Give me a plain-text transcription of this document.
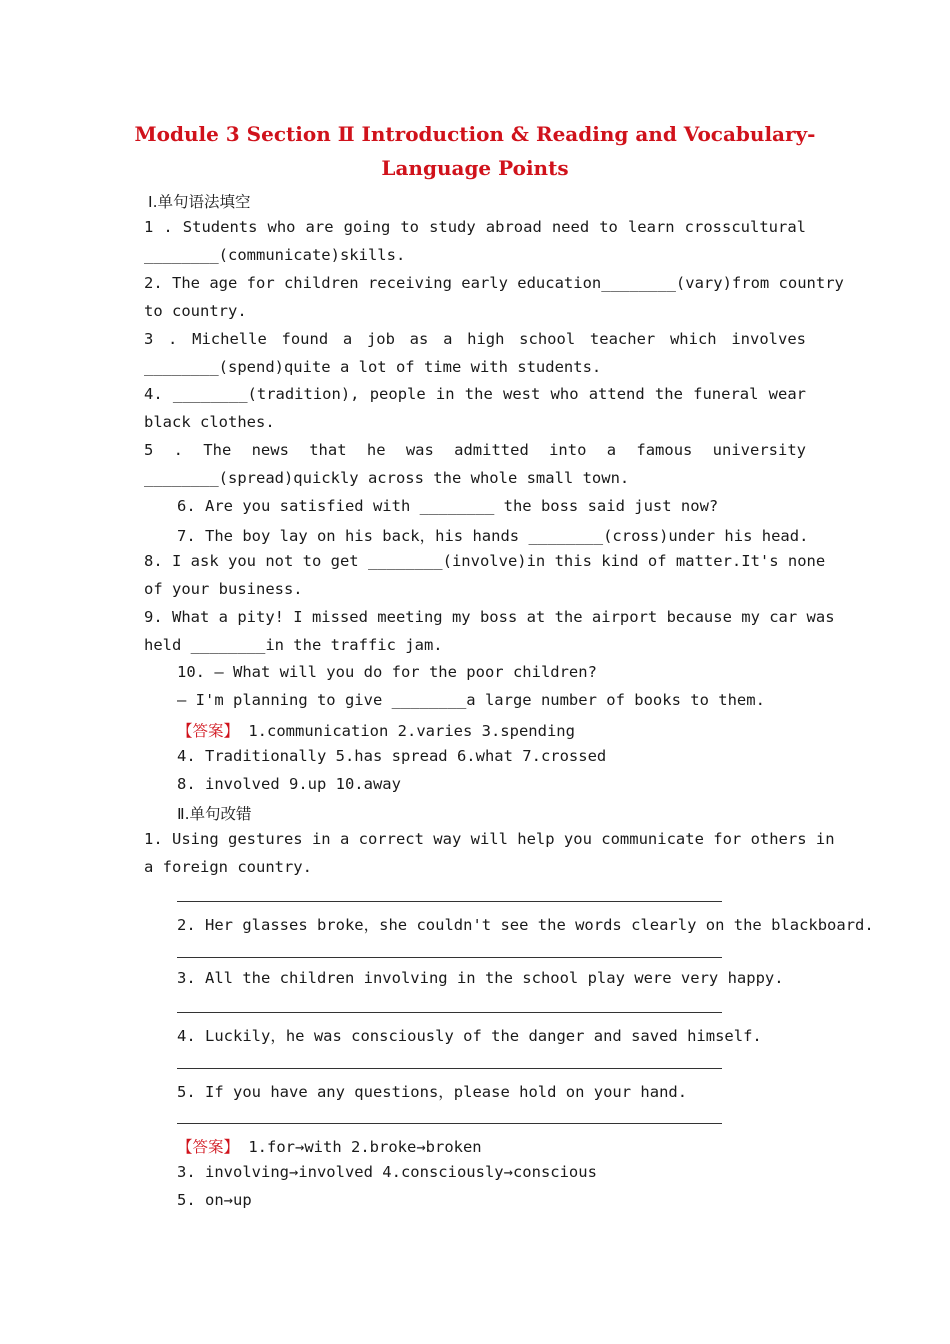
Module 3 Section Ⅱ Introduction & Reading and Vocabulary-
Language Points
Ⅰ.单句语法填空
1 . Students who are going to study abroad need to learn crosscultural
________(communicate)skills.
2. The age for children receiving early education________(vary)from country
to country.
3 . Michelle found a job as a high school teacher which involves
________(spend)quite a lot of time with students.
4. ________(tradition), people in the west who attend the funeral wear
black clothes.
5 . The news that he was admitted into a famous university
________(spread)quickly across the whole small town.
6. Are you satisfied with ________ the boss said just now?
7. The boy lay on his back，his hands ________(cross)under his head.
8. I ask you not to get ________(involve)in this kind of matter.It's none
of your business.
9. What a pity! I missed meeting my boss at the airport because my car was
held ________in the traffic jam.
10. — What will you do for the poor children?
— I'm planning to give ________a large number of books to them.
【答案】 1.communication 2.varies 3.spending
4. Traditionally 5.has spread 6.what 7.crossed
8. involved 9.up 10.away
Ⅱ.单句改错
1. Using gestures in a correct way will help you communicate for others in
a foreign country.
2. Her glasses broke，she couldn't see the words clearly on the blackboard.
3. All the children involving in the school play were very happy.
4. Luckily，he was consciously of the danger and saved himself.
5. If you have any questions，please hold on your hand.
【答案】 1.for→with 2.broke→broken
3. involving→involved 4.consciously→conscious
5. on→up
